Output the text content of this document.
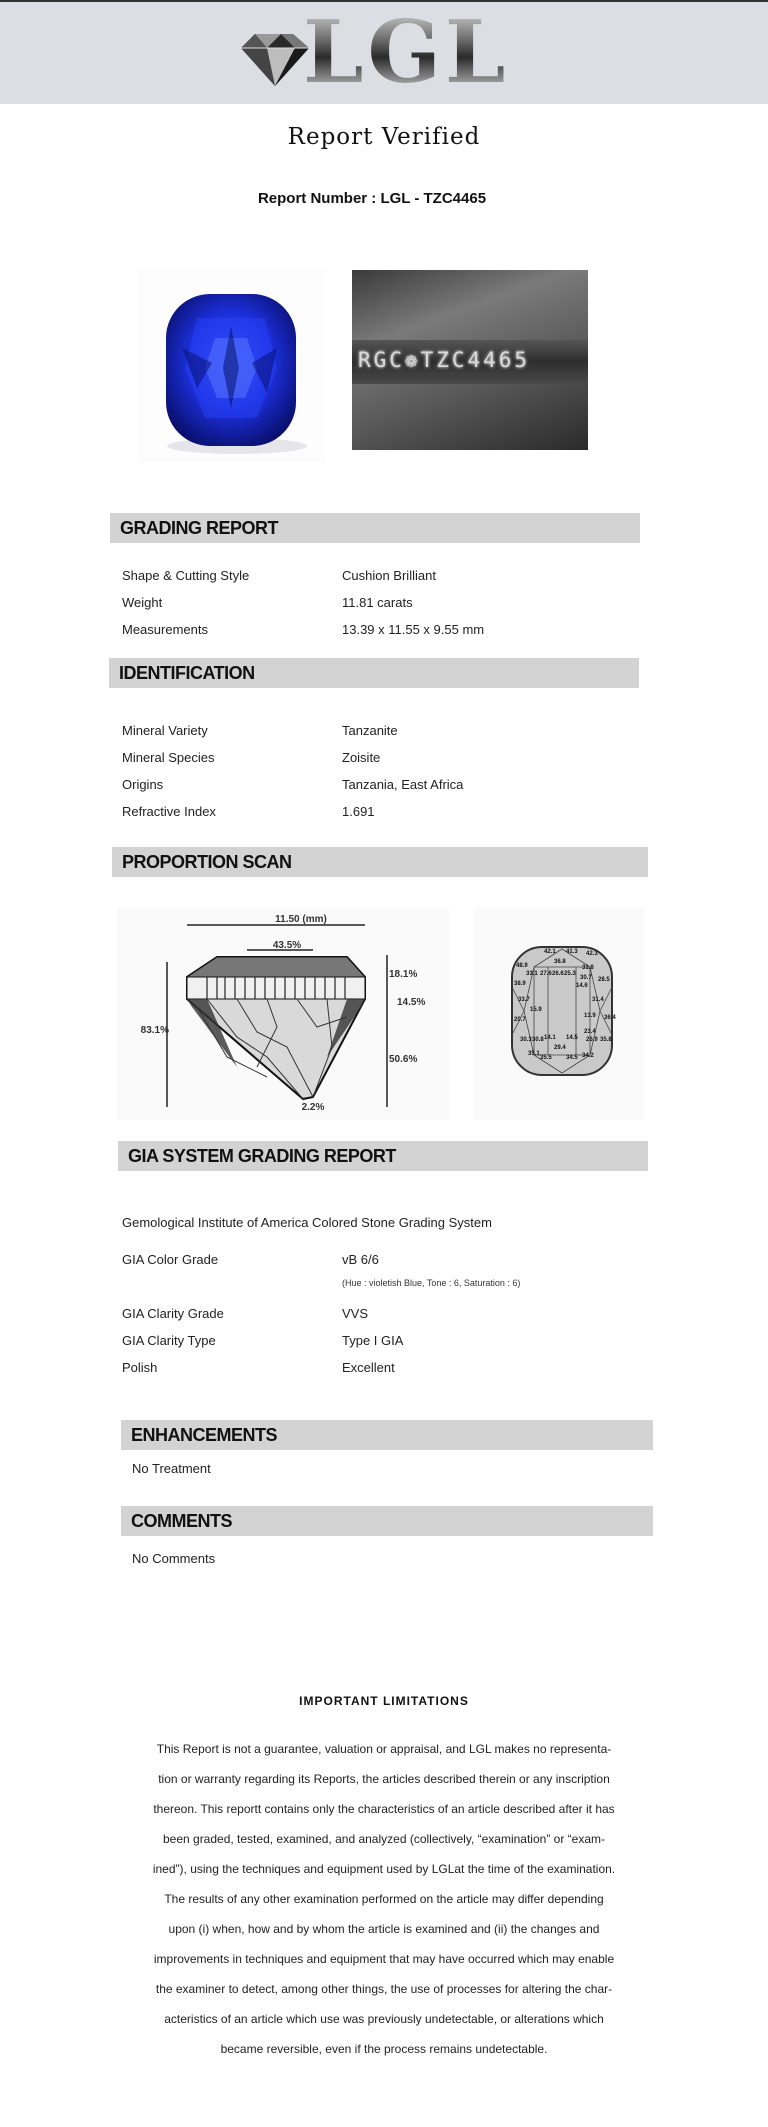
LGL
Report Verified
Report Number : LGL - TZC4465
RGC❁TZC4465
GRADING REPORT
Shape & Cutting Style	Cushion Brilliant
Weight	11.81 carats
Measurements	13.39 x 11.55 x 9.55 mm
IDENTIFICATION
Mineral Variety	Tanzanite
Mineral Species	Zoisite
Origins	Tanzania, East Africa
Refractive Index	1.691
PROPORTION SCAN
11.50 (mm)
43.5%
83.1%
18.1%
14.5%
50.6%
2.2%
42.1 41.3 42.3
48.9
36.8
31.8
33.1
28.5
27.6 26.6 25.3
30.7
38.9
33.7
15.9
14.6
31.4
13.9
20.7	36.4
14.1
23.4
14.5 26.9 35.8
30.3 30.8
29.4
35.1
35.5 34.5 34.2
GIA SYSTEM GRADING REPORT
Gemological Institute of America Colored Stone Grading System
GIA Color Grade	vB 6/6
(Hue : violetish Blue, Tone : 6, Saturation : 6)
GIA Clarity Grade	VVS
GIA Clarity Type	Type I GIA
Polish	Excellent
ENHANCEMENTS
No Treatment
COMMENTS
No Comments
IMPORTANT LIMITATIONS
This Report is not a guarantee, valuation or appraisal, and LGL makes no representa-
tion or warranty regarding its Reports, the articles described therein or any inscription
thereon. This reportt contains only the characteristics of an article described after it has
been graded, tested, examined, and analyzed (collectively, “examination” or “exam-
ined”), using the techniques and equipment used by LGLat the time of the examination.
The results of any other examination performed on the article may differ depending
upon (i) when, how and by whom the article is examined and (ii) the changes and
improvements in techniques and equipment that may have occurred which may enable
the examiner to detect, among other things, the use of processes for altering the char-
acteristics of an article which use was previously undetectable, or alterations which
became reversible, even if the process remains undetectable.
